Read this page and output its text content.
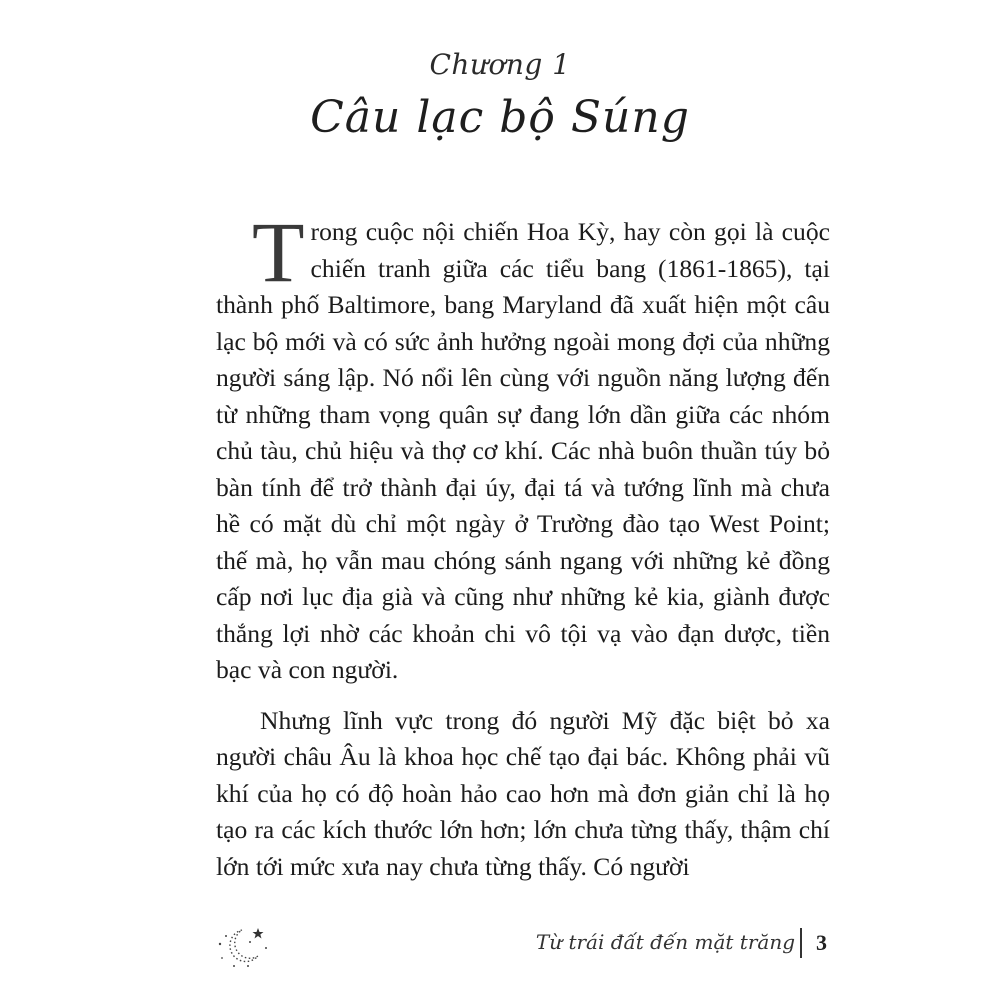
Chương 1
Câu lạc bộ Súng

Trong cuộc nội chiến Hoa Kỳ, hay còn gọi là cuộc chiến tranh giữa các tiểu bang (1861-1865), tại thành phố Baltimore, bang Maryland đã xuất hiện một câu lạc bộ mới và có sức ảnh hưởng ngoài mong đợi của những người sáng lập. Nó nổi lên cùng với nguồn năng lượng đến từ những tham vọng quân sự đang lớn dần giữa các nhóm chủ tàu, chủ hiệu và thợ cơ khí. Các nhà buôn thuần túy bỏ bàn tính để trở thành đại úy, đại tá và tướng lĩnh mà chưa hề có mặt dù chỉ một ngày ở Trường đào tạo West Point; thế mà, họ vẫn mau chóng sánh ngang với những kẻ đồng cấp nơi lục địa già và cũng như những kẻ kia, giành được thắng lợi nhờ các khoản chi vô tội vạ vào đạn dược, tiền bạc và con người.

Nhưng lĩnh vực trong đó người Mỹ đặc biệt bỏ xa người châu Âu là khoa học chế tạo đại bác. Không phải vũ khí của họ có độ hoàn hảo cao hơn mà đơn giản chỉ là họ tạo ra các kích thước lớn hơn; lớn chưa từng thấy, thậm chí lớn tới mức xưa nay chưa từng thấy. Có người

Từ trái đất đến mặt trăng 3
